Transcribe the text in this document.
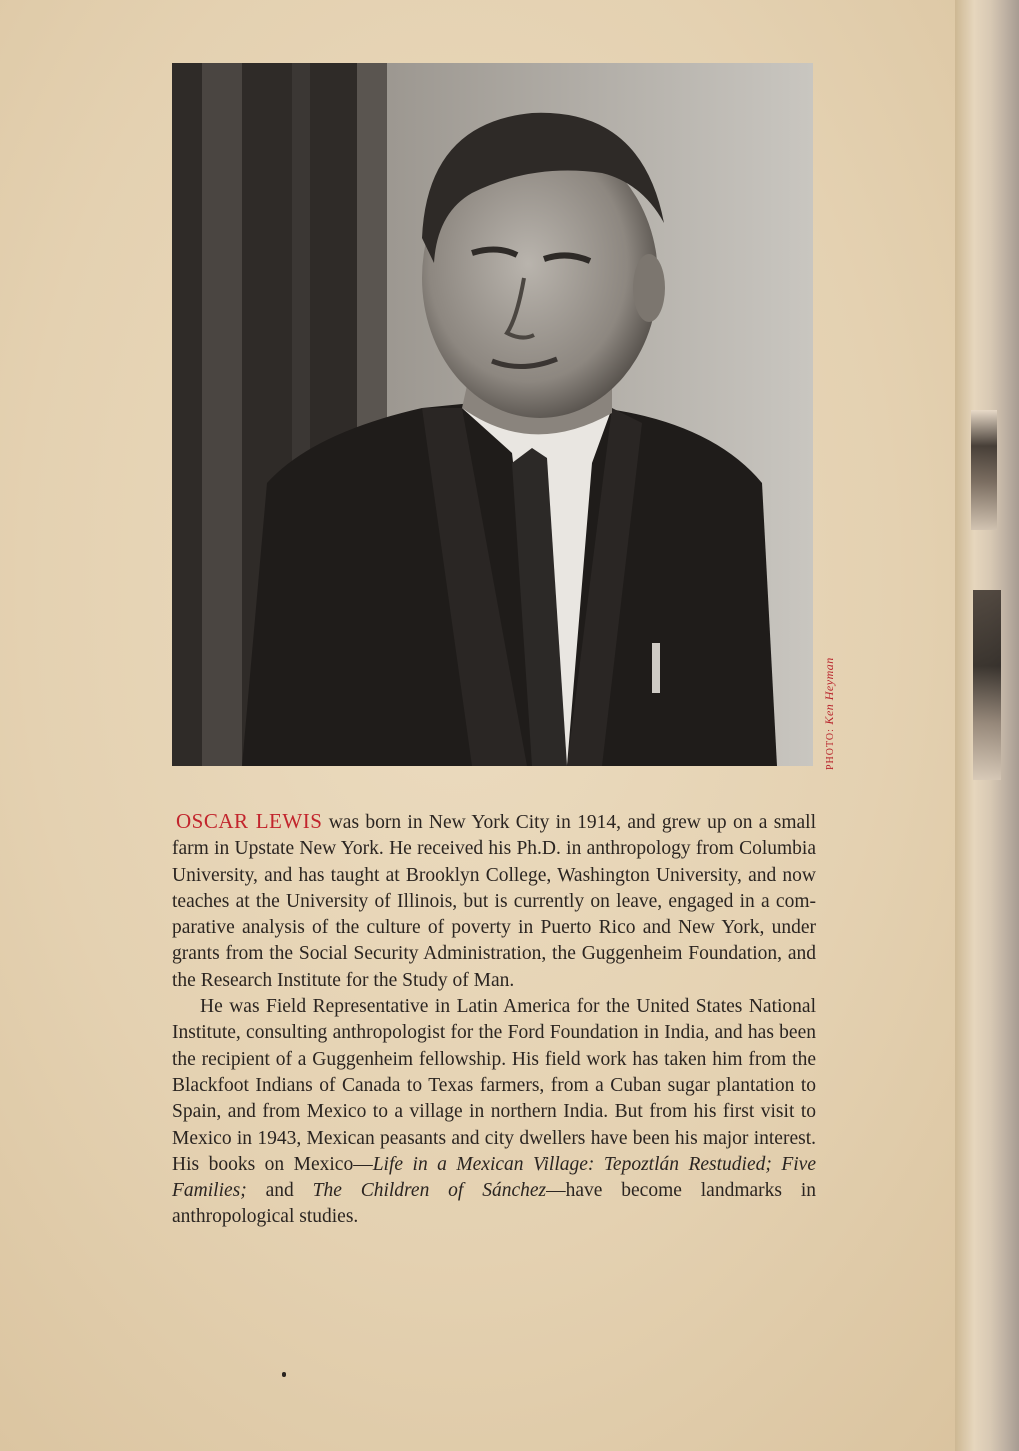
PHOTO: Ken Heyman

OSCAR LEWIS was born in New York City in 1914, and grew up on a small farm in Upstate New York. He received his Ph.D. in anthropology from Columbia University, and has taught at Brooklyn College, Washington University, and now teaches at the University of Illinois, but is currently on leave, engaged in a comparative analysis of the culture of poverty in Puerto Rico and New York, under grants from the Social Security Administration, the Guggenheim Foundation, and the Research Institute for the Study of Man.

He was Field Representative in Latin America for the United States National Institute, consulting anthropologist for the Ford Foundation in India, and has been the recipient of a Guggenheim fellowship. His field work has taken him from the Blackfoot Indians of Canada to Texas farmers, from a Cuban sugar plantation to Spain, and from Mexico to a village in northern India. But from his first visit to Mexico in 1943, Mexican peasants and city dwellers have been his major interest. His books on Mexico—Life in a Mexican Village: Tepoztlán Restudied; Five Families; and The Children of Sánchez—have become landmarks in anthropological studies.
